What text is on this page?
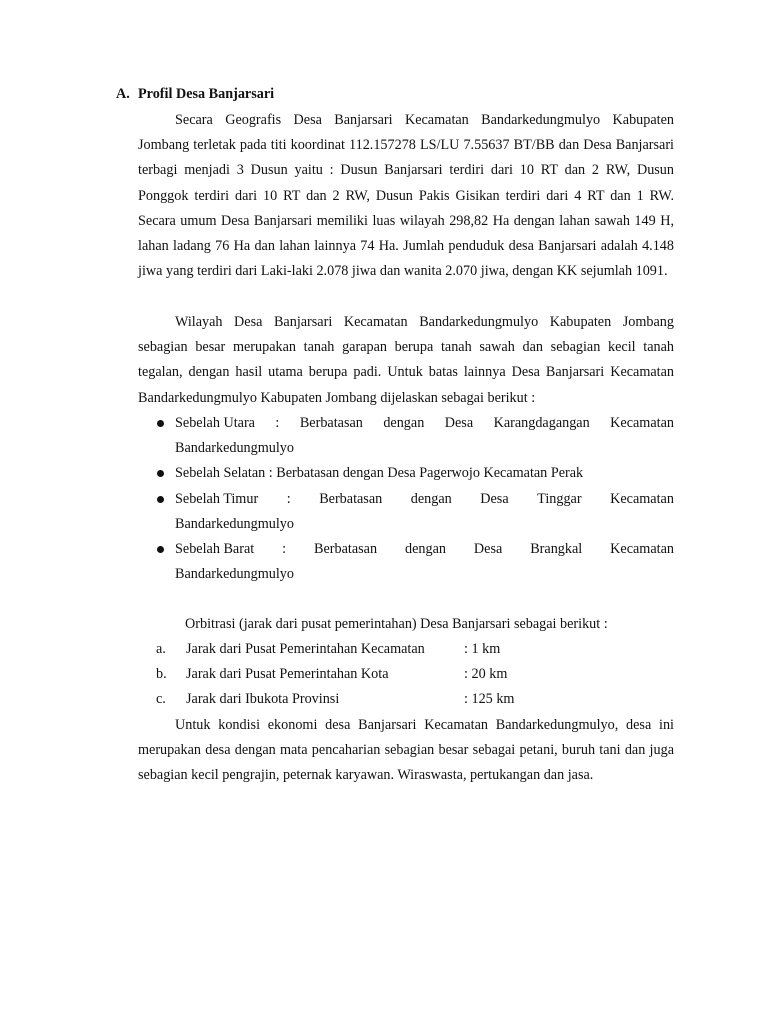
A. Profil Desa Banjarsari

Secara Geografis Desa Banjarsari Kecamatan Bandarkedungmulyo Kabupaten Jombang terletak pada titi koordinat 112.157278 LS/LU 7.55637 BT/BB dan Desa Banjarsari terbagi menjadi 3 Dusun yaitu : Dusun Banjarsari terdiri dari 10 RT dan 2 RW, Dusun Ponggok terdiri dari 10 RT dan 2 RW, Dusun Pakis Gisikan terdiri dari 4 RT dan 1 RW. Secara umum Desa Banjarsari memiliki luas wilayah 298,82 Ha dengan lahan sawah 149 H, lahan ladang 76 Ha dan lahan lainnya 74 Ha. Jumlah penduduk desa Banjarsari adalah 4.148 jiwa yang terdiri dari Laki-laki 2.078 jiwa dan wanita 2.070 jiwa, dengan KK sejumlah 1091.

Wilayah Desa Banjarsari Kecamatan Bandarkedungmulyo Kabupaten Jombang sebagian besar merupakan tanah garapan berupa tanah sawah dan sebagian kecil tanah tegalan, dengan hasil utama berupa padi. Untuk batas lainnya Desa Banjarsari Kecamatan Bandarkedungmulyo Kabupaten Jombang dijelaskan sebagai berikut :

Sebelah Utara : Berbatasan dengan Desa Karangdagangan Kecamatan
Bandarkedungmulyo
Sebelah Selatan : Berbatasan dengan Desa Pagerwojo Kecamatan Perak
Sebelah Timur : Berbatasan dengan Desa Tinggar Kecamatan
Bandarkedungmulyo
Sebelah Barat : Berbatasan dengan Desa Brangkal Kecamatan
Bandarkedungmulyo
Orbitrasi (jarak dari pusat pemerintahan) Desa Banjarsari sebagai berikut :
a. Jarak dari Pusat Pemerintahan Kecamatan	: 1 km
b. Jarak dari Pusat Pemerintahan Kota	: 20 km
c. Jarak dari Ibukota Provinsi	: 125 km

Untuk kondisi ekonomi desa Banjarsari Kecamatan Bandarkedungmulyo, desa ini merupakan desa dengan mata pencaharian sebagian besar sebagai petani, buruh tani dan juga sebagian kecil pengrajin, peternak karyawan. Wiraswasta, pertukangan dan jasa.
